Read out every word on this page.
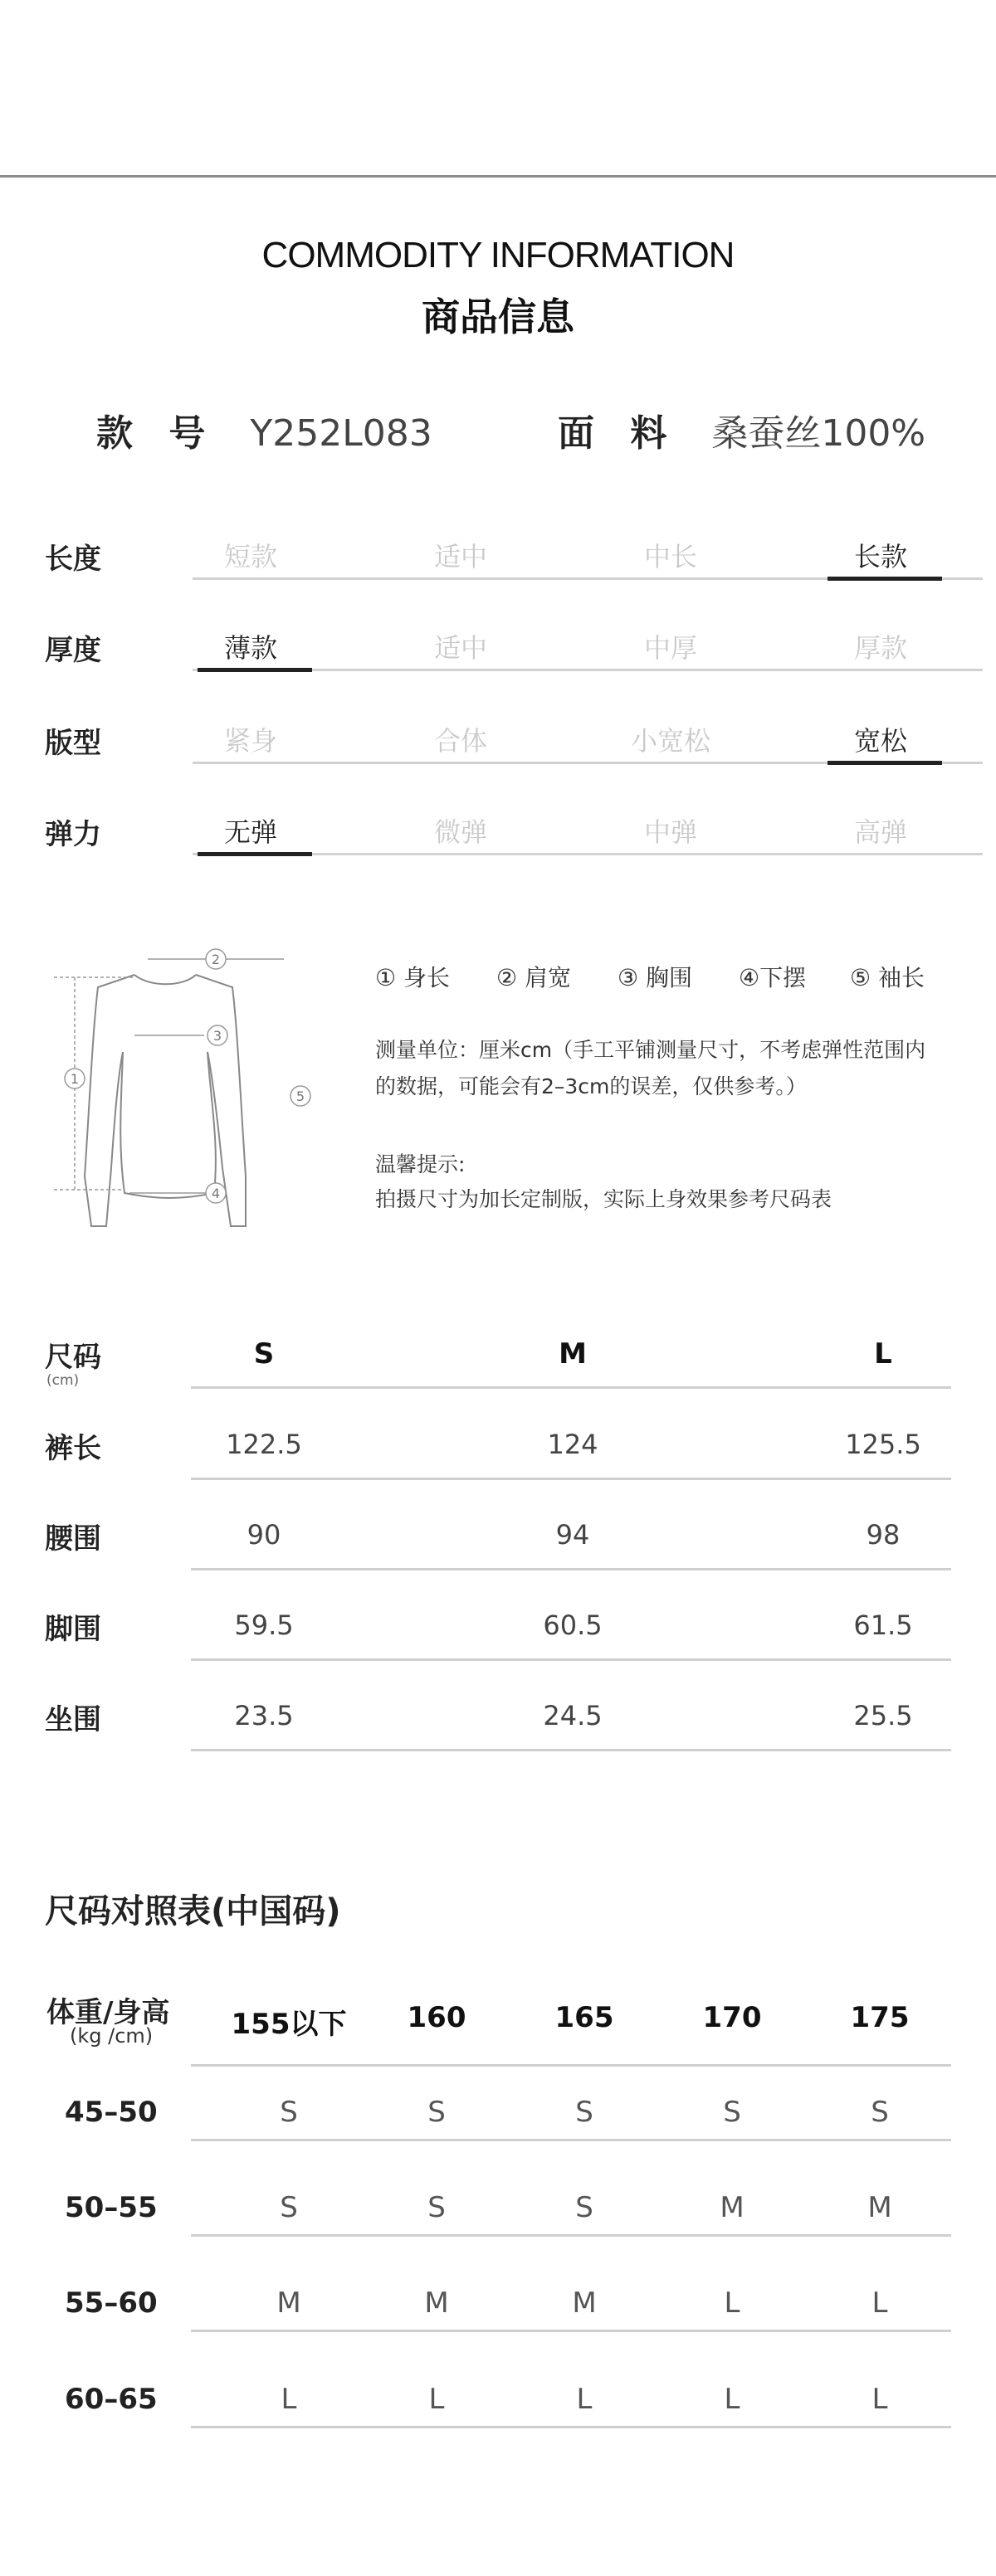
COMMODITY INFORMATION
商品信息
款 号 Y252L083	面 料 桑蚕丝100%
长度	短款	适中	中长	长款
厚度	薄款	适中	中厚	厚款
版型	紧身	合体	小宽松	宽松
弹力	无弹	微弹	中弹	高弹
1
2
3
4
5
① 身长 ② 肩宽 ③ 胸围 ④下摆 ⑤ 袖长
测量单位：厘米cm（手工平铺测量尺寸，不考虑弹性范围内
的数据，可能会有2–3cm的误差，仅供参考。）
温馨提示:
拍摄尺寸为加长定制版，实际上身效果参考尺码表
尺码
(cm)
S	M	L
裤长	122.5	124	125.5
腰围	90	94	98
脚围	59.5	60.5	61.5
坐围	23.5	24.5	25.5
尺码对照表(中国码)
体重/身高
(kg /cm)	155以下	160	165	170	175
45–50	S	S	S	S	S
50–55	S	S	S	M	M
55–60	M	M	M	L	L
60–65	L	L	L	L	L
